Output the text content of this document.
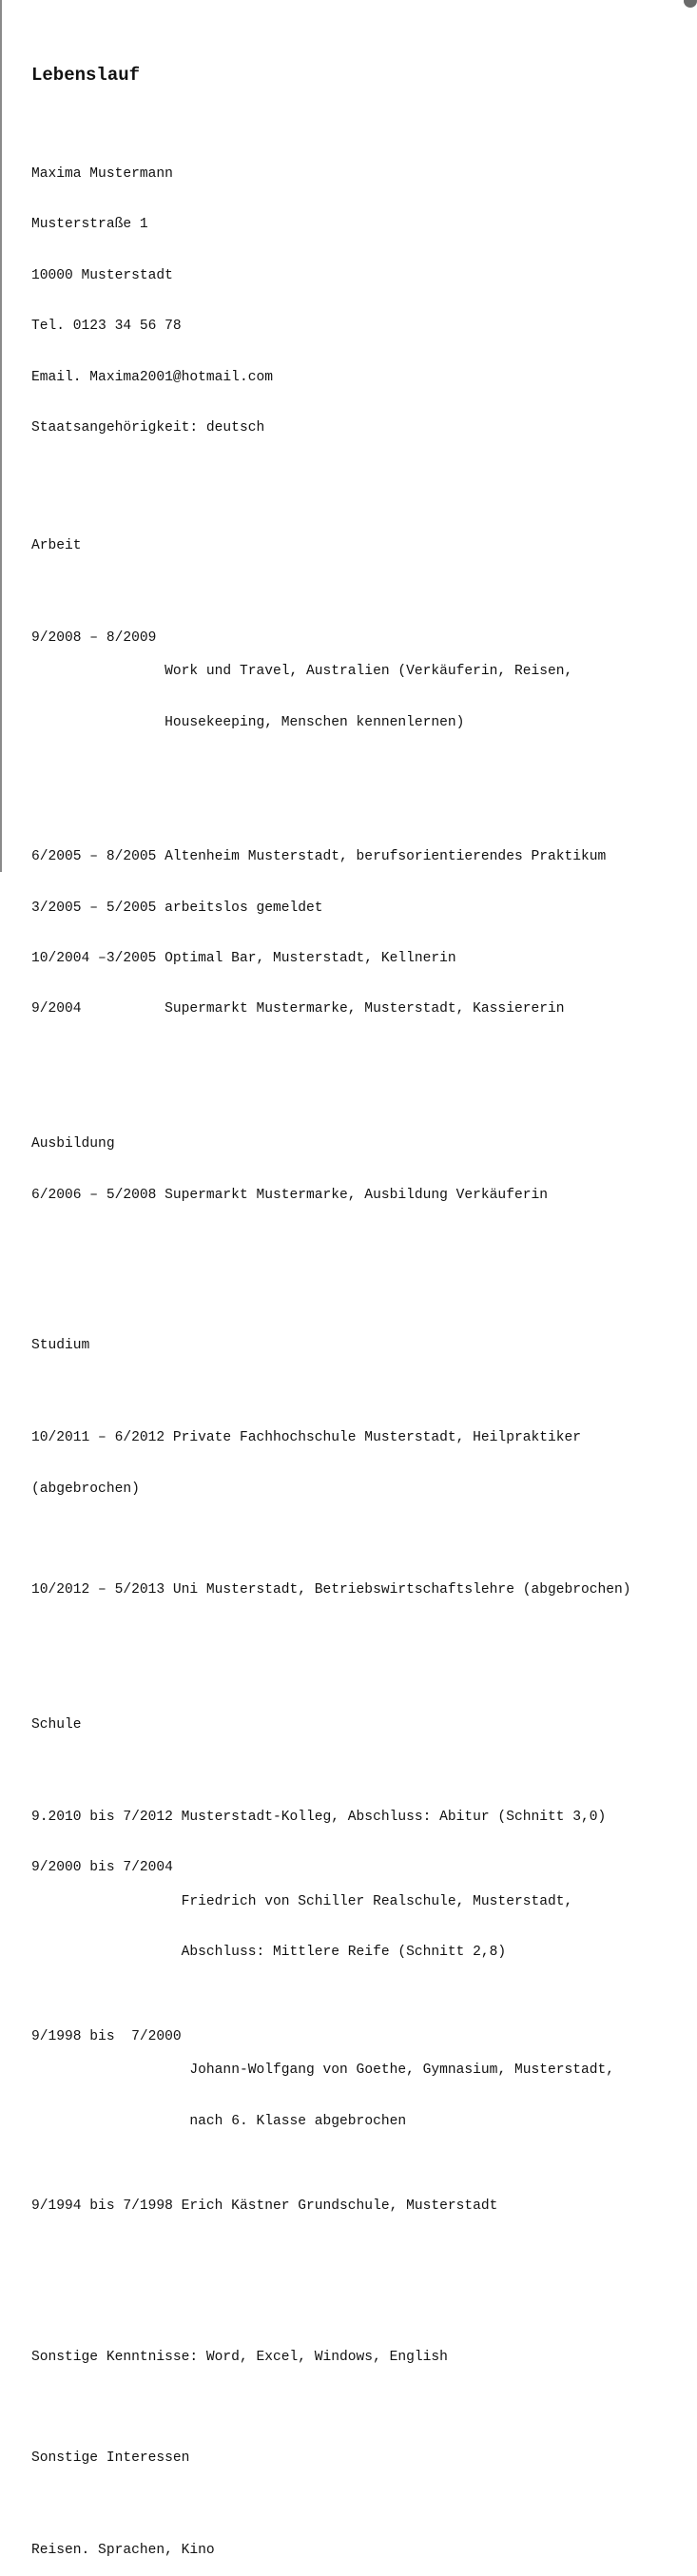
Lebenslauf

Maxima Mustermann

Musterstraße 1

10000 Musterstadt

Tel. 0123 34 56 78

Email. Maxima2001@hotmail.com

Staatsangehörigkeit: deutsch

Arbeit

9/2008 – 8/2009

Work und Travel, Australien (Verkäuferin, Reisen,

Housekeeping, Menschen kennenlernen)

6/2005 – 8/2005 Altenheim Musterstadt, berufsorientierendes Praktikum

3/2005 – 5/2005 arbeitslos gemeldet

10/2004 –3/2005 Optimal Bar, Musterstadt, Kellnerin

9/2004 Supermarkt Mustermarke, Musterstadt, Kassiererin

Ausbildung

6/2006 – 5/2008 Supermarkt Mustermarke, Ausbildung Verkäuferin

Studium

10/2011 – 6/2012 Private Fachhochschule Musterstadt, Heilpraktiker

(abgebrochen)

10/2012 – 5/2013 Uni Musterstadt, Betriebswirtschaftslehre (abgebrochen)

Schule

9.2010 bis 7/2012 Musterstadt-Kolleg, Abschluss: Abitur (Schnitt 3,0)

9/2000 bis 7/2004

Friedrich von Schiller Realschule, Musterstadt,

Abschluss: Mittlere Reife (Schnitt 2,8)

9/1998 bis  7/2000

Johann-Wolfgang von Goethe, Gymnasium, Musterstadt,

nach 6. Klasse abgebrochen

9/1994 bis 7/1998 Erich Kästner Grundschule, Musterstadt

Sonstige Kenntnisse: Word, Excel, Windows, English

Sonstige Interessen

Reisen. Sprachen, Kino
